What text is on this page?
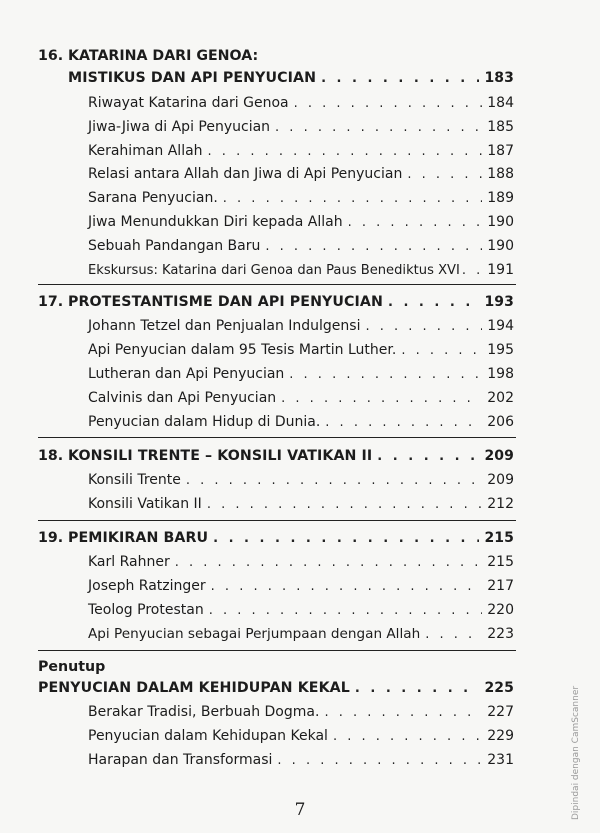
16. KATARINA DARI GENOA:
MISTIKUS DAN API PENYUCIAN . . .	183
Riwayat Katarina dari Genoa . . .	184
Jiwa-Jiwa di Api Penyucian . . .	185
Kerahiman Allah . . .	187
Relasi antara Allah dan Jiwa di Api Penyucian . . .	188
Sarana Penyucian. . . .	189
Jiwa Menundukkan Diri kepada Allah . . .	190
Sebuah Pandangan Baru . . .	190
Ekskursus: Katarina dari Genoa dan Paus Benediktus XVI . . . 191
17. PROTESTANTISME DAN API PENYUCIAN . . .	193
Johann Tetzel dan Penjualan Indulgensi . . .	194
Api Penyucian dalam 95 Tesis Martin Luther. . . .	195
Lutheran dan Api Penyucian . . .	198
Calvinis dan Api Penyucian . . .	202
Penyucian dalam Hidup di Dunia. . . .	206
18. KONSILI TRENTE – KONSILI VATIKAN II . . .	209
Konsili Trente . . .	209
Konsili Vatikan II . . .	212
19. PEMIKIRAN BARU . . .	215
Karl Rahner . . .	215
Joseph Ratzinger . . .	217
Teolog Protestan . . .	220
Api Penyucian sebagai Perjumpaan dengan Allah . . .	223
Penutup
PENYUCIAN DALAM KEHIDUPAN KEKAL . . .	225
Berakar Tradisi, Berbuah Dogma. . . .	227
Penyucian dalam Kehidupan Kekal . . .	229
Harapan dan Transformasi . . .	231
7	Dipindai dengan CamScanner
